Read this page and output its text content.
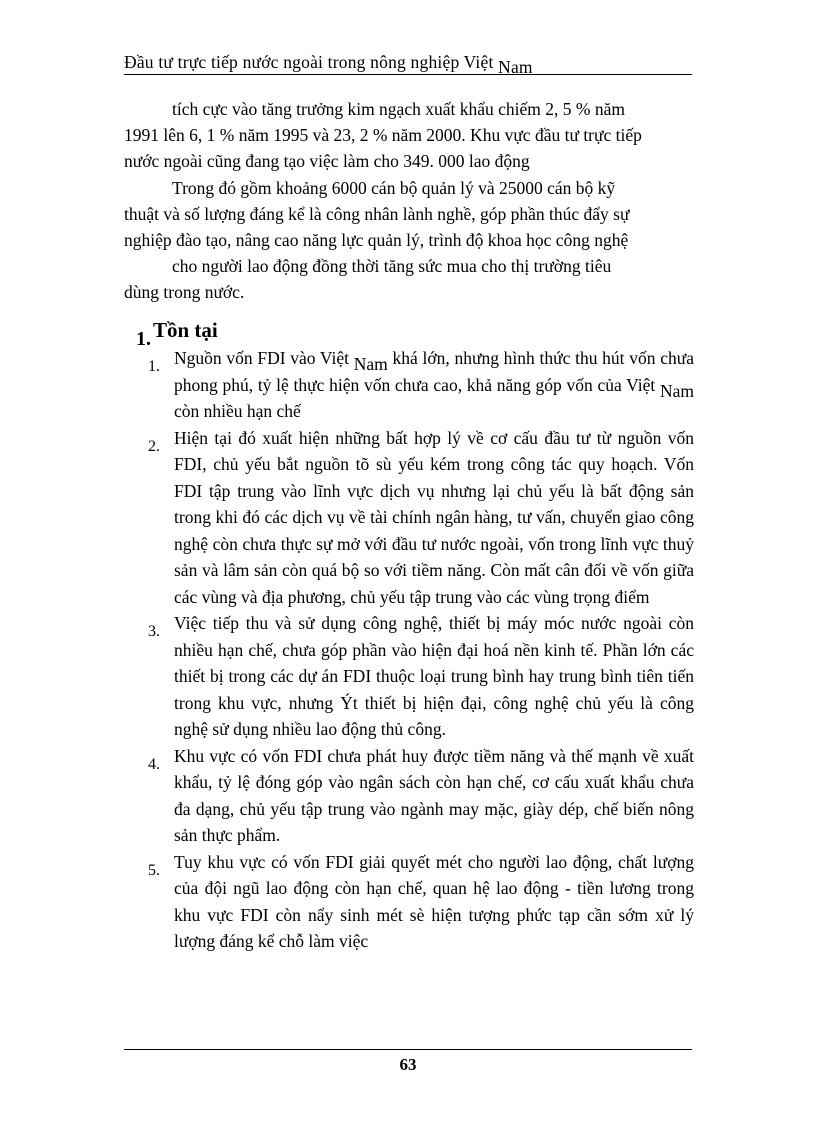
Đầu tư trực tiếp nước ngoài trong nông nghiệp Việt Nam

tích cực vào tăng trưởng kim ngạch xuất khẩu chiếm 2, 5 % năm

1991 lên 6, 1 % năm 1995 và 23, 2 % năm 2000. Khu vực đầu tư trực tiếp

nước ngoài cũng đang tạo việc làm cho 349. 000 lao động

Trong đó gồm khoảng 6000 cán bộ quản lý và 25000 cán bộ kỹ

thuật và số lượng đáng kể là công nhân lành nghề, góp phần thúc đẩy sự

nghiệp đào tạo, nâng cao năng lực quản lý, trình độ khoa học công nghệ

cho người lao động đồng thời tăng sức mua cho thị trường tiêu

dùng trong nước.

1.Tồn tại
1. Nguồn vốn FDI vào Việt Nam khá lớn, nhưng hình thức thu hút vốn chưa phong phú, tỷ lệ thực hiện vốn chưa cao, khả năng góp vốn của Việt Nam còn nhiều hạn chế
2. Hiện tại đó xuất hiện những bất hợp lý về cơ cấu đầu tư từ nguồn vốn FDI, chủ yếu bắt nguồn tõ sù yếu kém trong công tác quy hoạch. Vốn FDI tập trung vào lĩnh vực dịch vụ nhưng lại chủ yếu là bất động sản trong khi đó các dịch vụ về tài chính ngân hàng, tư vấn, chuyển giao công nghệ còn chưa thực sự mở với đầu tư nước ngoài, vốn trong lĩnh vực thuỷ sản và lâm sản còn quá bộ so với tiềm năng. Còn mất cân đối về vốn giữa các vùng và địa phương, chủ yếu tập trung vào các vùng trọng điểm
3. Việc tiếp thu và sử dụng công nghệ, thiết bị máy móc nước ngoài còn nhiều hạn chế, chưa góp phần vào hiện đại hoá nền kinh tế. Phần lớn các thiết bị trong các dự án FDI thuộc loại trung bình hay trung bình tiên tiến trong khu vực, nhưng Ýt thiết bị hiện đại, công nghệ chủ yếu là công nghệ sử dụng nhiều lao động thủ công.
4. Khu vực có vốn FDI chưa phát huy được tiềm năng và thế mạnh về xuất khẩu, tỷ lệ đóng góp vào ngân sách còn hạn chế, cơ cấu xuất khẩu chưa đa dạng, chủ yếu tập trung vào ngành may mặc, giày dép, chế biến nông sản thực phẩm.
5. Tuy khu vực có vốn FDI giải quyết mét cho người lao động, chất lượng của đội ngũ lao động còn hạn chế, quan hệ lao động - tiền lương trong khu vực FDI còn nẩy sinh mét sè hiện tượng phức tạp cần sớm xử lý lượng đáng kể chỗ làm việc
63
